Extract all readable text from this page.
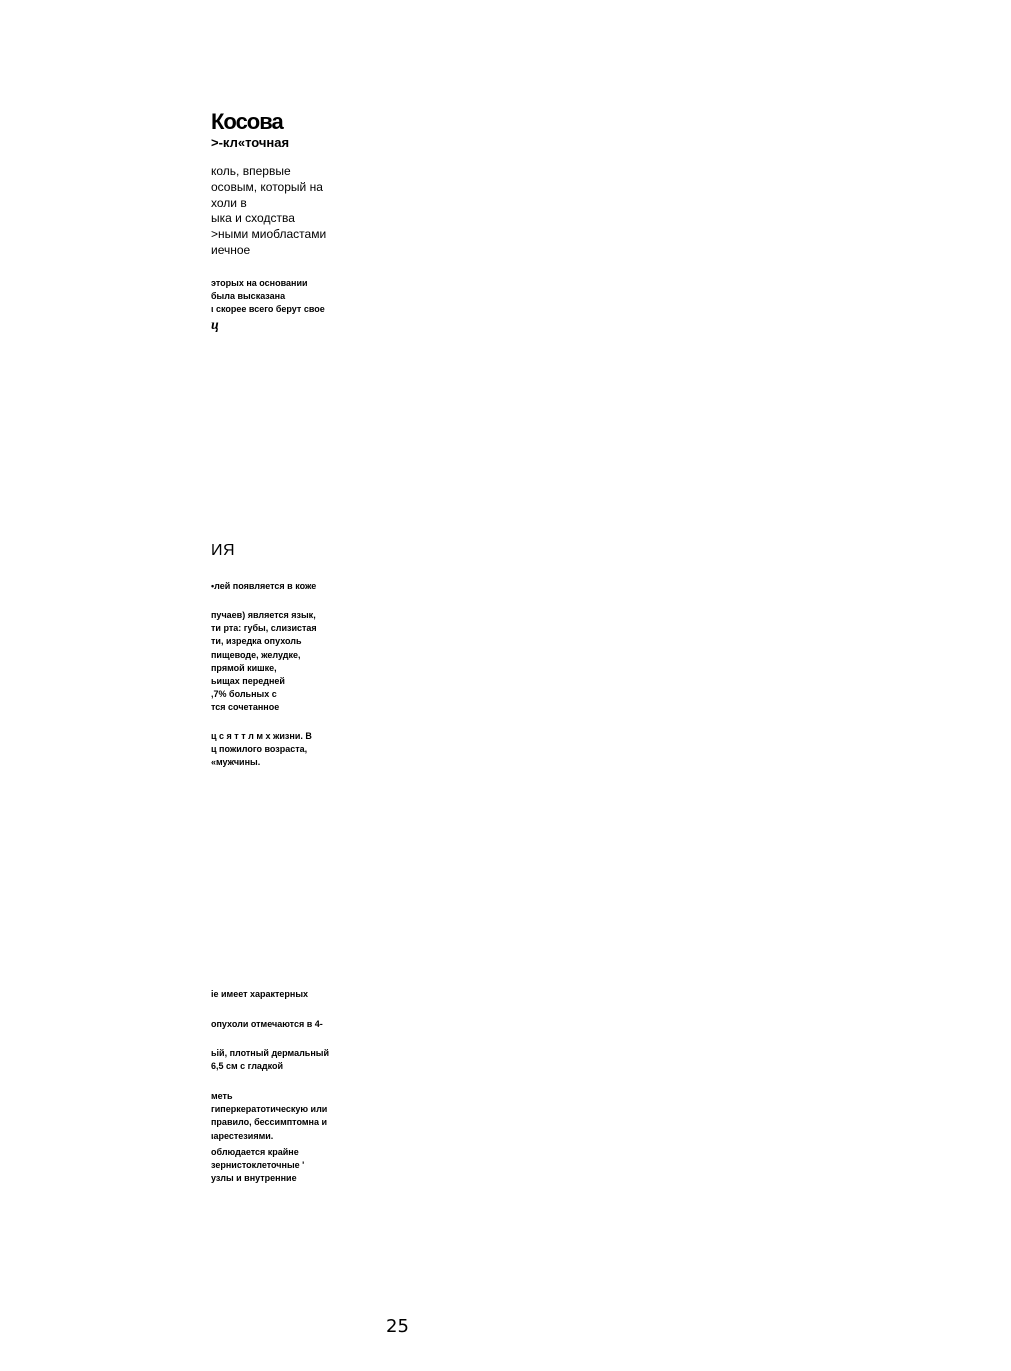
Косова
>-кл«точная
коль, впервые
осовым, который на
холи в
ыка и сходства
>ными миобластами
иечное
эторых на основании
была высказана
ι скорее всего берут свое
ц
ИЯ
•лей появляется в коже
пучаев) является язык,
ти рта: губы, слизистая
ти, изредка опухоль
пищеводе, желудке,
прямой кишке,
ьищах передней
,7% больных с
тся сочетанное
ц с я т т л м х жизни. В
ц пожилого возраста,
«мужчины.
іе имеет характерных
опухоли отмечаются в 4-
ьій, плотный дермальный
6,5 см с гладкой
меть
гиперкератотическую или
правило, бессимптомна и
ιарестезиями.
облюдается крайне
зернистоклеточные '
узлы и внутренние
25
